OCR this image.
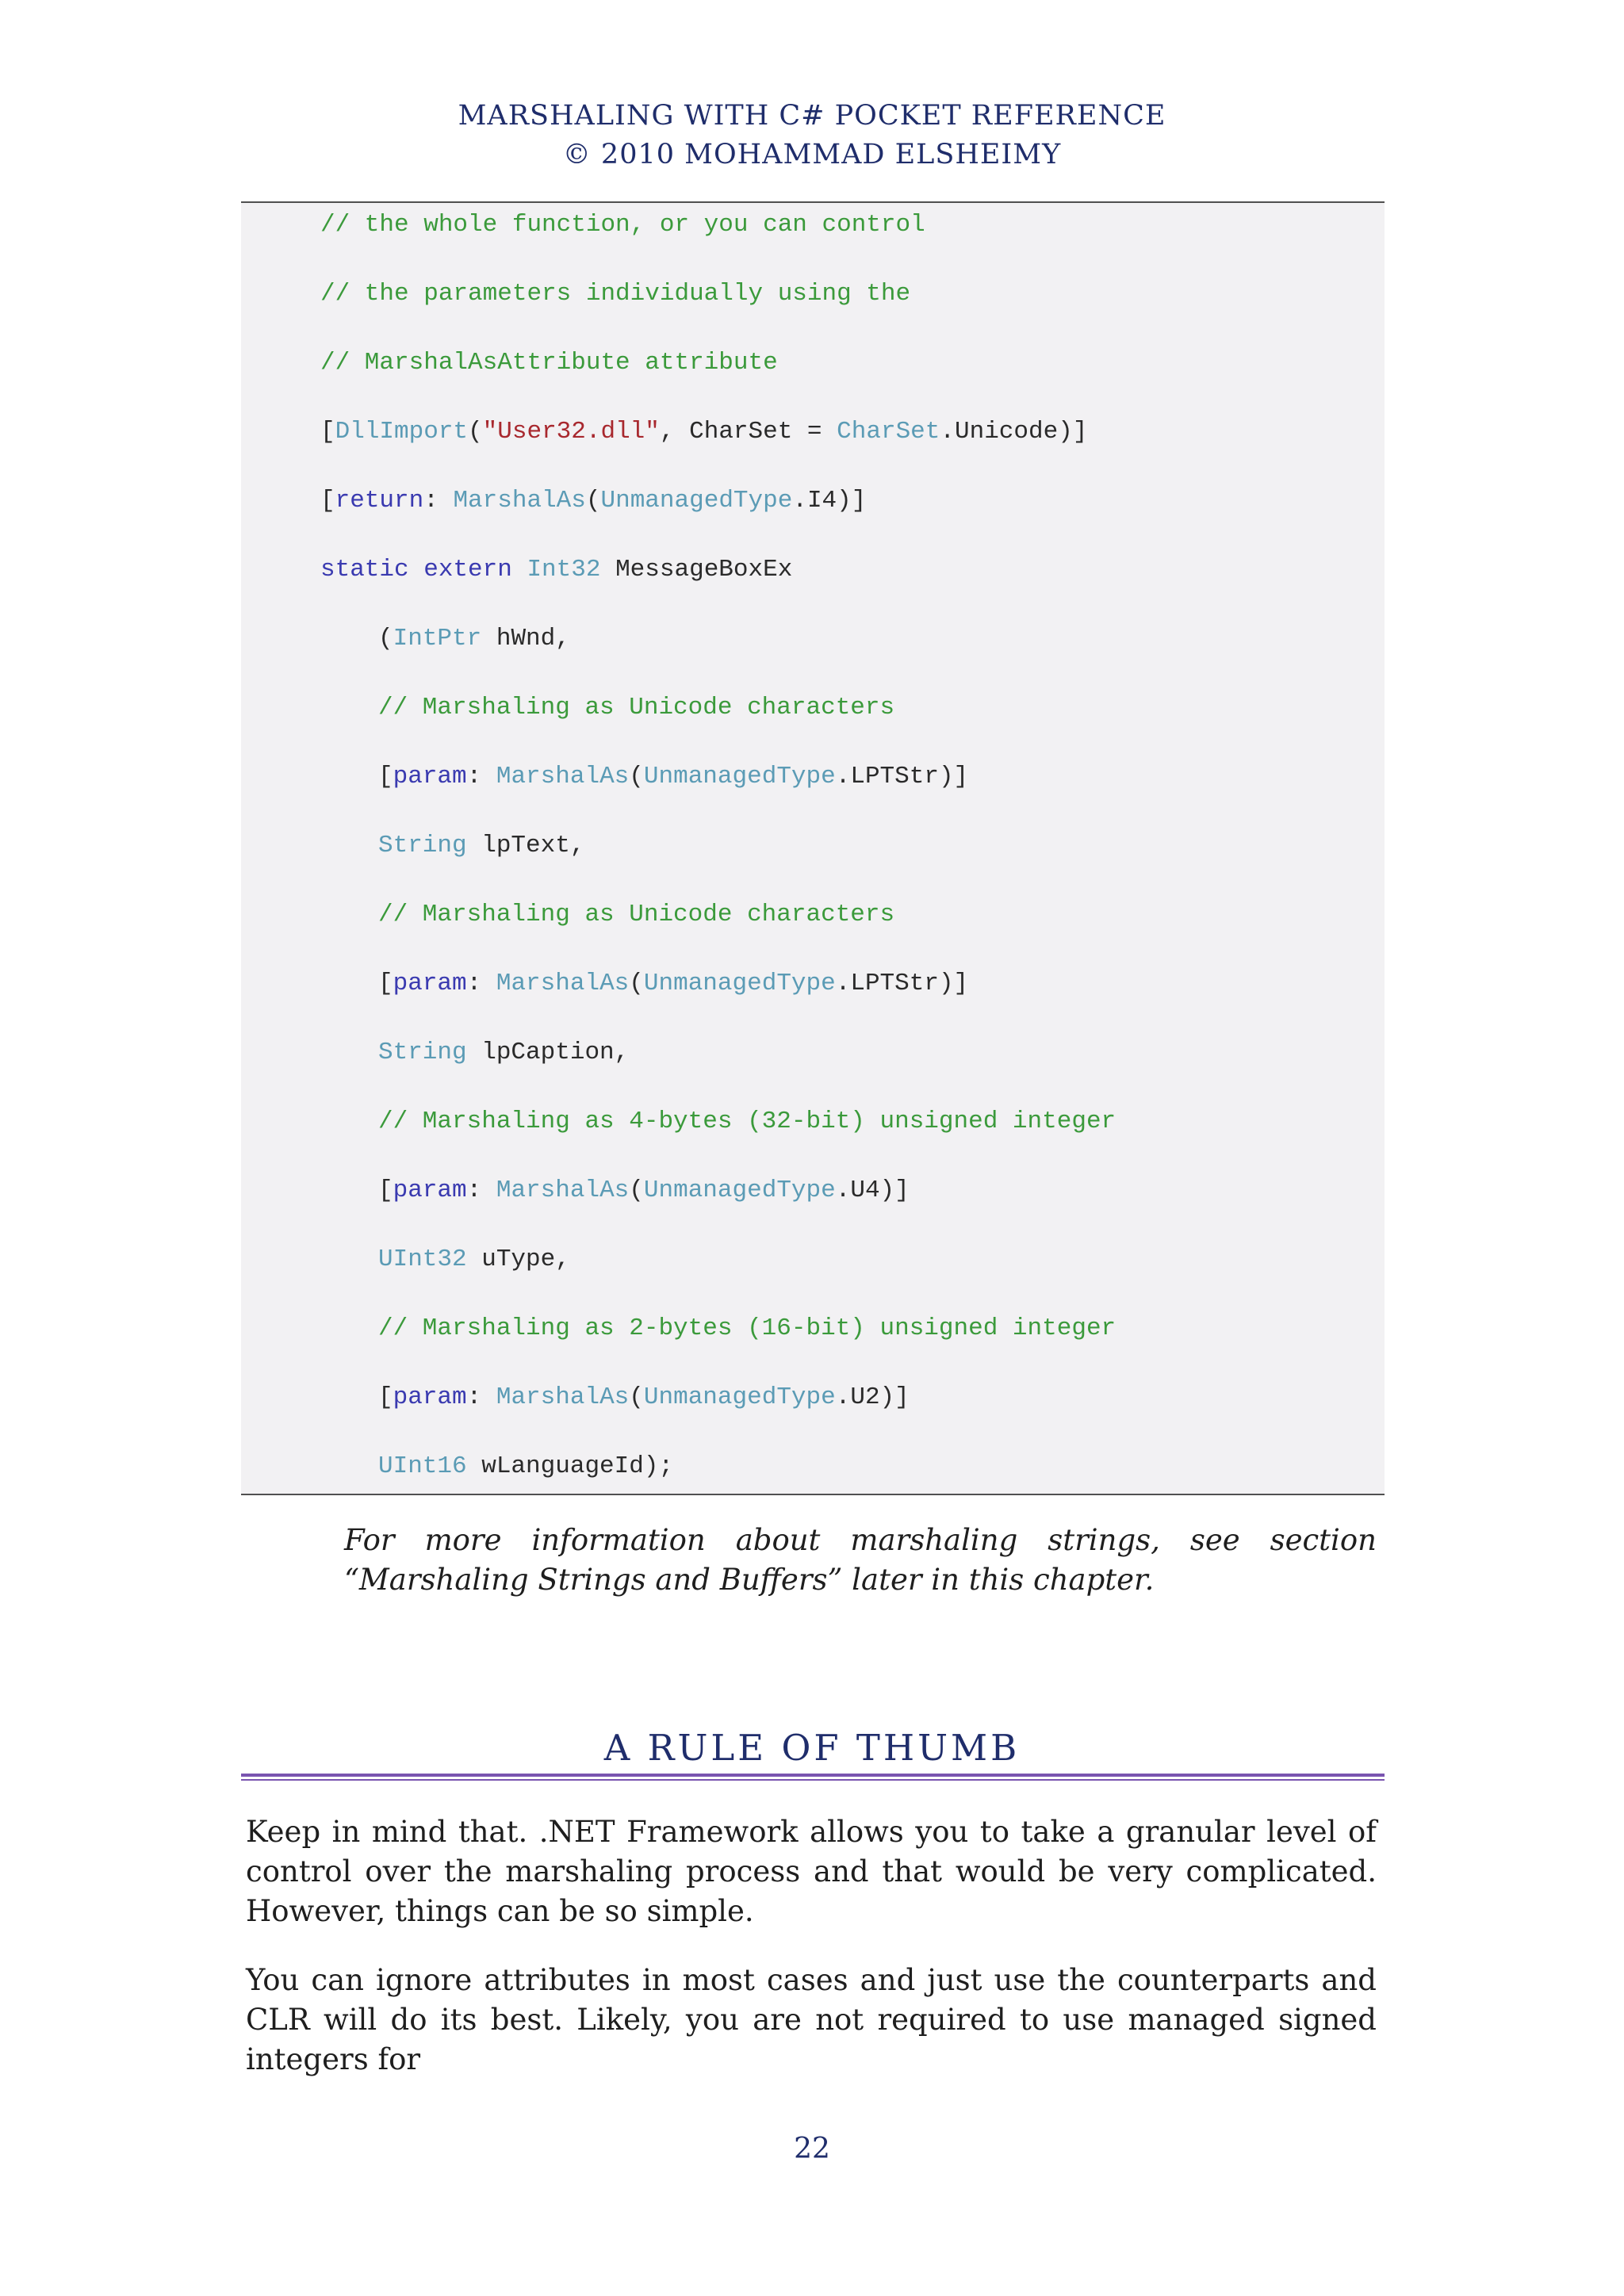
MARSHALING WITH C# POCKET REFERENCE
© 2010 MOHAMMAD ELSHEIMY
// the whole function, or you can control
// the parameters individually using the
// MarshalAsAttribute attribute
[DllImport("User32.dll", CharSet = CharSet.Unicode)]
[return: MarshalAs(UnmanagedType.I4)]
static extern Int32 MessageBoxEx
(IntPtr hWnd,
// Marshaling as Unicode characters
[param: MarshalAs(UnmanagedType.LPTStr)]
String lpText,
// Marshaling as Unicode characters
[param: MarshalAs(UnmanagedType.LPTStr)]
String lpCaption,
// Marshaling as 4-bytes (32-bit) unsigned integer
[param: MarshalAs(UnmanagedType.U4)]
UInt32 uType,
// Marshaling as 2-bytes (16-bit) unsigned integer
[param: MarshalAs(UnmanagedType.U2)]
UInt16 wLanguageId);
For more information about marshaling strings, see section “Marshaling Strings and Buffers” later in this chapter.
A RULE OF THUMB
Keep in mind that. .NET Framework allows you to take a granular level of control over the marshaling process and that would be very complicated. However, things can be so simple.
You can ignore attributes in most cases and just use the counterparts and CLR will do its best. Likely, you are not required to use managed signed integers for
22
